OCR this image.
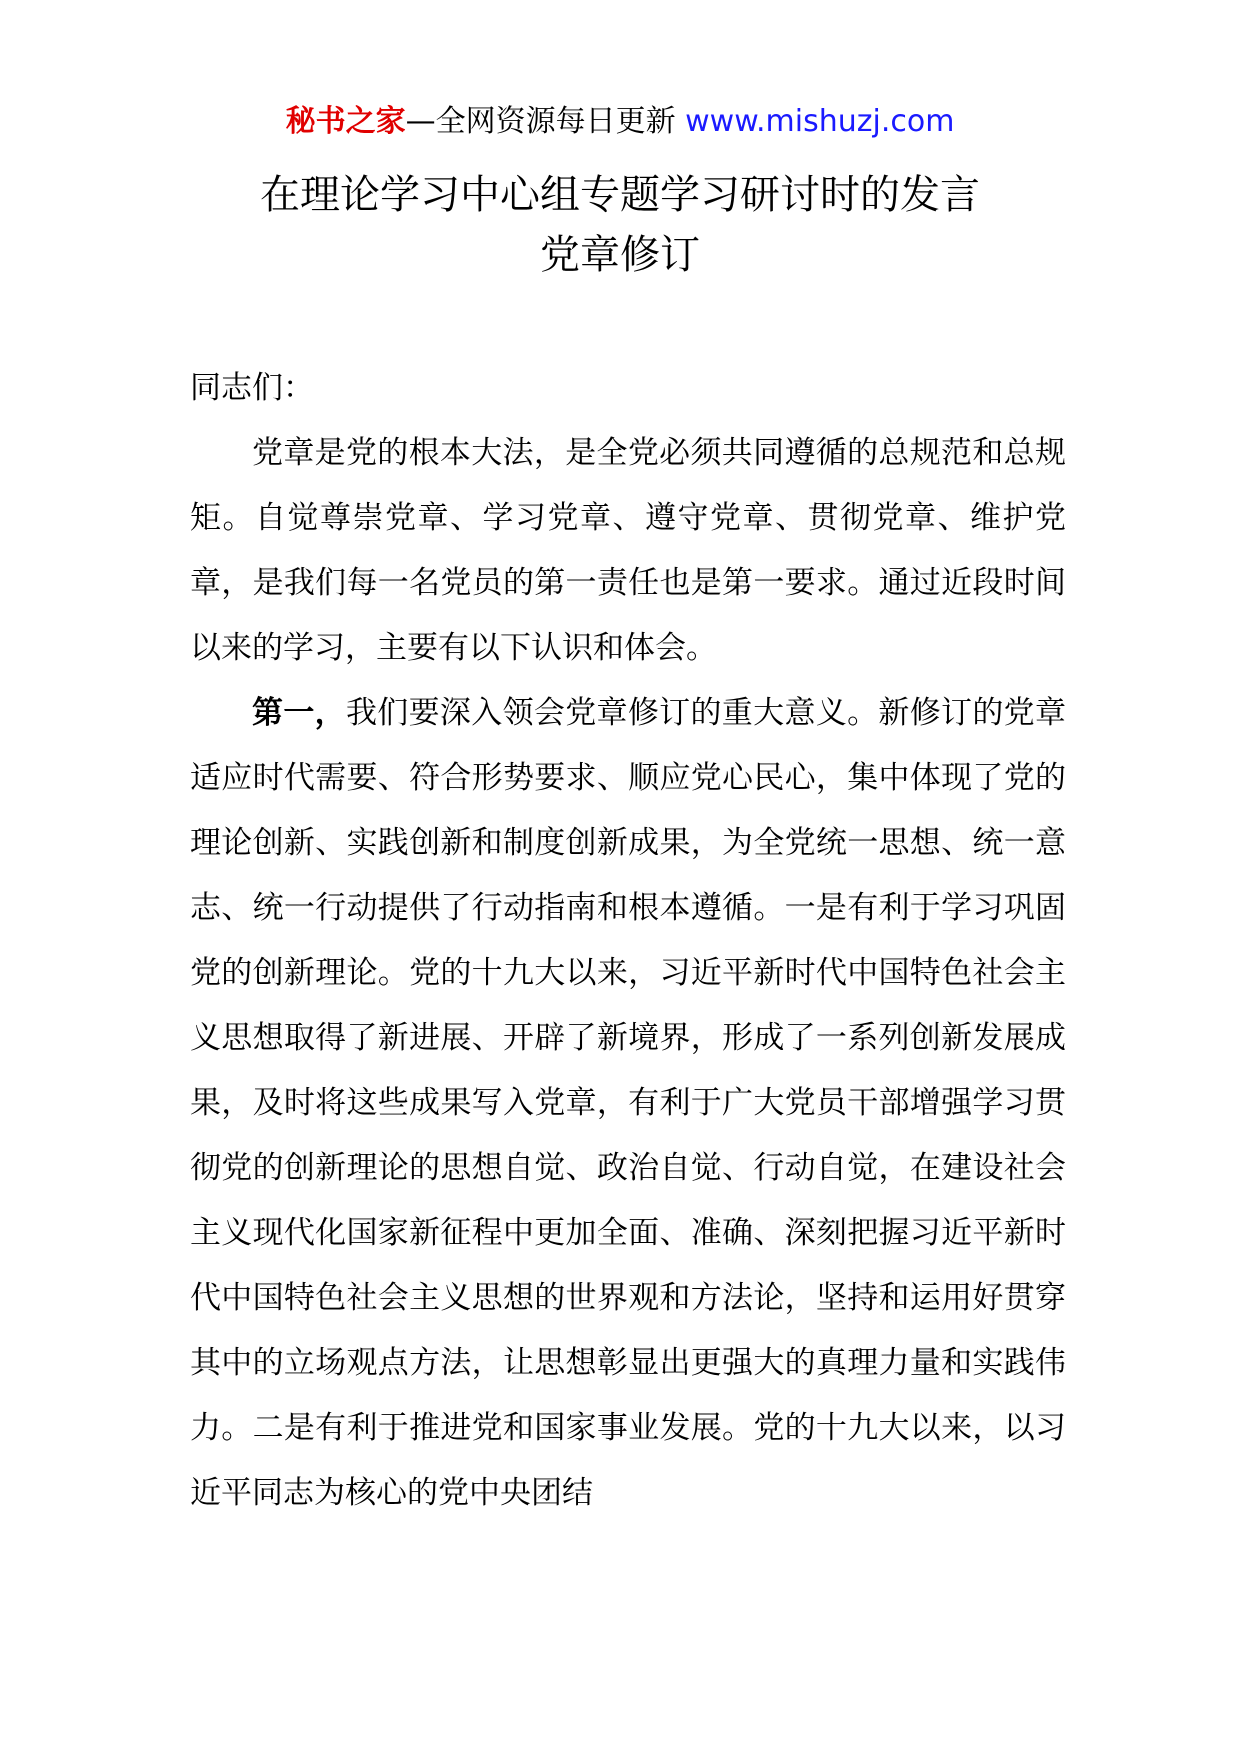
秘书之家—全网资源每日更新 www.mishuzj.com
在理论学习中心组专题学习研讨时的发言
党章修订

同志们：

党章是党的根本大法，是全党必须共同遵循的总规范和总规矩。自觉尊崇党章、学习党章、遵守党章、贯彻党章、维护党章，是我们每一名党员的第一责任也是第一要求。通过近段时间以来的学习，主要有以下认识和体会。

第一，我们要深入领会党章修订的重大意义。新修订的党章适应时代需要、符合形势要求、顺应党心民心，集中体现了党的理论创新、实践创新和制度创新成果，为全党统一思想、统一意志、统一行动提供了行动指南和根本遵循。一是有利于学习巩固党的创新理论。党的十九大以来，习近平新时代中国特色社会主义思想取得了新进展、开辟了新境界，形成了一系列创新发展成果，及时将这些成果写入党章，有利于广大党员干部增强学习贯彻党的创新理论的思想自觉、政治自觉、行动自觉，在建设社会主义现代化国家新征程中更加全面、准确、深刻把握习近平新时代中国特色社会主义思想的世界观和方法论，坚持和运用好贯穿其中的立场观点方法，让思想彰显出更强大的真理力量和实践伟力。二是有利于推进党和国家事业发展。党的十九大以来，以习近平同志为核心的党中央团结
